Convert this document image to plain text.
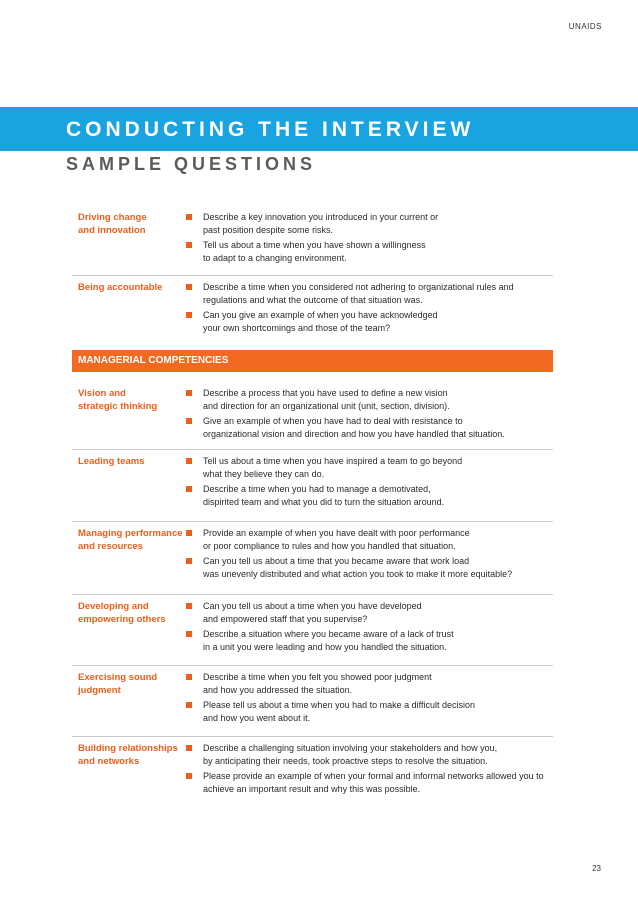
UNAIDS
CONDUCTING THE INTERVIEW
SAMPLE QUESTIONS
Driving change
and innovation
Describe a key innovation you introduced in your current or
past position despite some risks.
Tell us about a time when you have shown a willingness
to adapt to a changing environment.
Being accountable	Describe a time when you considered not adhering to organizational rules and
regulations and what the outcome of that situation was.
Can you give an example of when you have acknowledged
your own shortcomings and those of the team?
MANAGERIAL COMPETENCIES
Vision and
strategic thinking
Describe a process that you have used to define a new vision
and direction for an organizational unit (unit, section, division).
Give an example of when you have had to deal with resistance to
organizational vision and direction and how you have handled that situation.
Leading teams	Tell us about a time when you have inspired a team to go beyond
what they believe they can do.
Describe a time when you had to manage a demotivated,
dispirited team and what you did to turn the situation around.
Managing performance
and resources
Provide an example of when you have dealt with poor performance
or poor compliance to rules and how you handled that situation.
Can you tell us about a time that you became aware that work load
was unevenly distributed and what action you took to make it more equitable?
Developing and
empowering others
Can you tell us about a time when you have developed
and empowered staff that you supervise?
Describe a situation where you became aware of a lack of trust
in a unit you were leading and how you handled the situation.
Exercising sound
judgment
Describe a time when you felt you showed poor judgment
and how you addressed the situation.
Please tell us about a time when you had to make a difficult decision
and how you went about it.
Building relationships
and networks
Describe a challenging situation involving your stakeholders and how you,
by anticipating their needs, took proactive steps to resolve the situation.
Please provide an example of when your formal and informal networks allowed you to
achieve an important result and why this was possible.
23
